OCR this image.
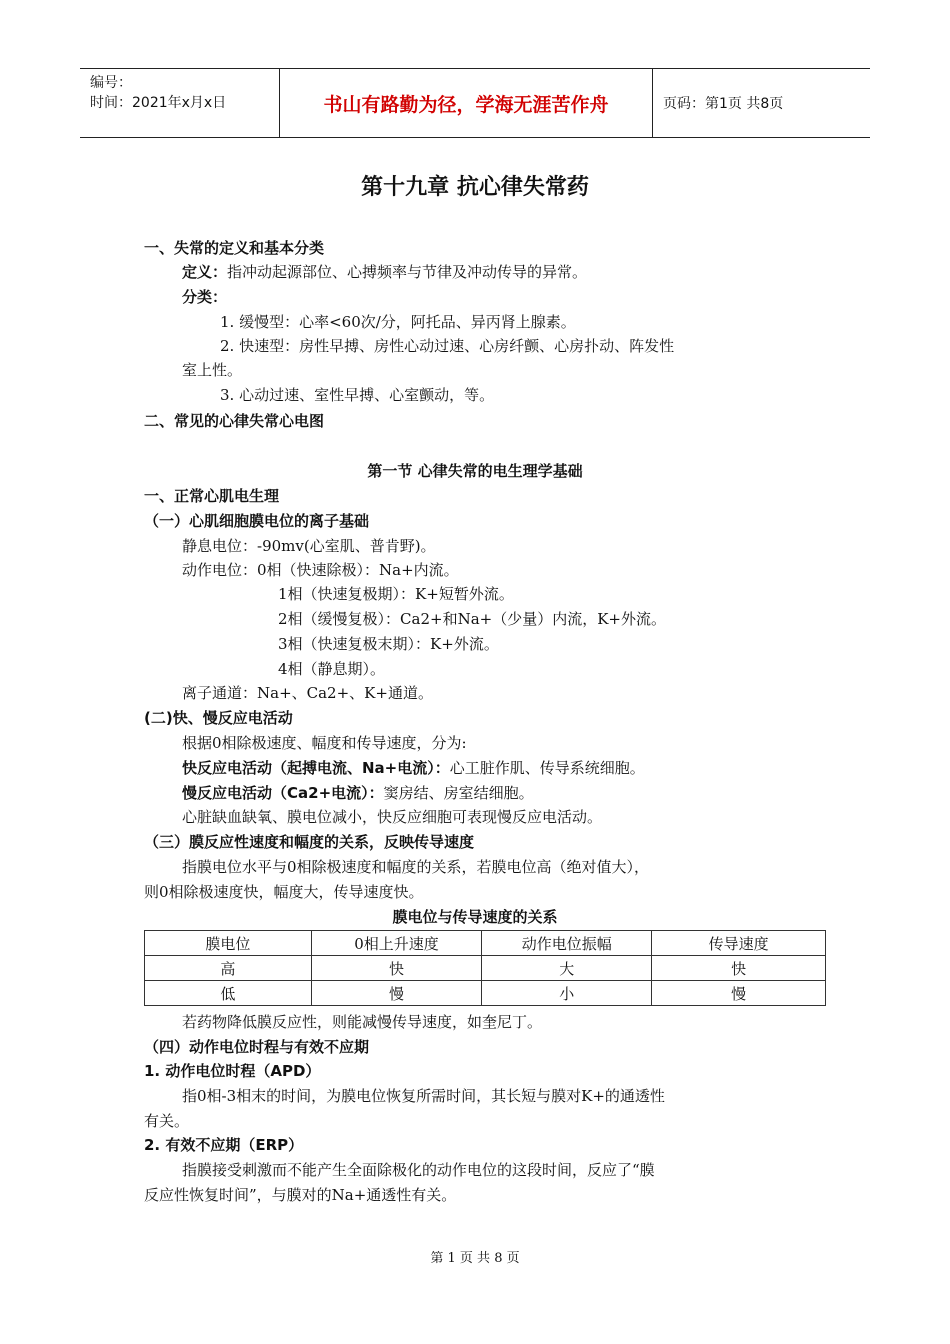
编号：
时间：2021年x月x日	书山有路勤为径，学海无涯苦作舟	页码：第1页 共8页
第十九章 抗心律失常药
一、失常的定义和基本分类
定义：指冲动起源部位、心搏频率与节律及冲动传导的异常。
分类：
1. 缓慢型：心率<60次/分，阿托品、异丙肾上腺素。
2. 快速型：房性早搏、房性心动过速、心房纤颤、心房扑动、阵发性
室上性。
3. 心动过速、室性早搏、心室颤动，等。
二、常见的心律失常心电图
第一节 心律失常的电生理学基础
一、正常心肌电生理
（一）心肌细胞膜电位的离子基础
静息电位：-90mv(心室肌、普肯野)。
动作电位：0相（快速除极）：Na+内流。
1相（快速复极期）：K+短暂外流。
2相（缓慢复极）：Ca2+和Na+（少量）内流，K+外流。
3相（快速复极末期）：K+外流。
4相（静息期）。
离子通道：Na+、Ca2+、K+通道。
(二)快、慢反应电活动
根据0相除极速度、幅度和传导速度，分为:
快反应电活动（起搏电流、Na+电流）：心工脏作肌、传导系统细胞。
慢反应电活动（Ca2+电流）：窦房结、房室结细胞。
心脏缺血缺氧、膜电位减小，快反应细胞可表现慢反应电活动。
（三）膜反应性速度和幅度的关系，反映传导速度
指膜电位水平与0相除极速度和幅度的关系，若膜电位高（绝对值大），
则0相除极速度快，幅度大，传导速度快。
膜电位与传导速度的关系
膜电位	0相上升速度	动作电位振幅	传导速度
高	快	大	快
低	慢	小	慢
若药物降低膜反应性，则能减慢传导速度，如奎尼丁。
（四）动作电位时程与有效不应期
1. 动作电位时程（APD）
指0相-3相末的时间，为膜电位恢复所需时间，其长短与膜对K+的通透性
有关。
2. 有效不应期（ERP）
指膜接受刺激而不能产生全面除极化的动作电位的这段时间，反应了“膜
反应性恢复时间”，与膜对的Na+通透性有关。
第 1 页 共 8 页
